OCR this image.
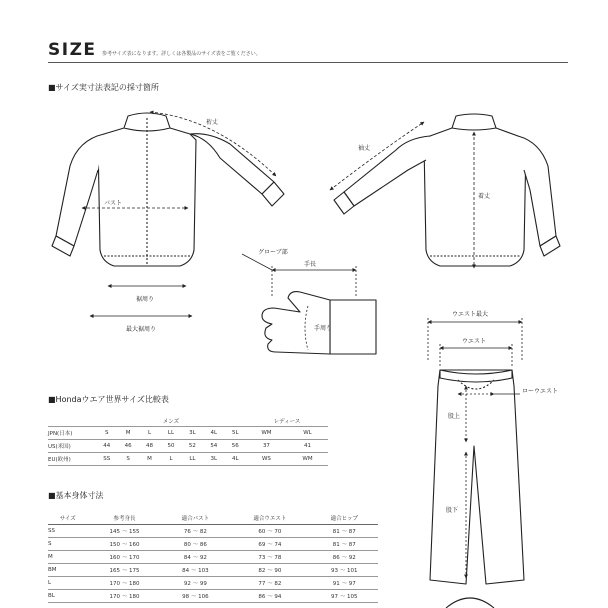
SIZE 参考サイズ表になります。詳しくは各製品のサイズ表をご覧ください。
■サイズ実寸法表記の採寸箇所
裄丈
バスト
裾周り
最大裾周り
袖丈
着丈
グローブ部
手長
手周り
ウエスト最大
ウエスト
ローウエスト
股上
股下
■Hondaウエア世界サイズ比較表
	メンズ							レディース	
JPN(日本)	S	M	L	LL	3L	4L	5L	WM	WL
US(米国)	44	46	48	50	52	54	56	37	41
EU(欧州)	SS	S	M	L	LL	3L	4L	WS	WM
■基本身体寸法
サイズ	参考身長	適合バスト	適合ウエスト	適合ヒップ
SS	145 〜 155	76 〜 82	60 〜 70	81 〜 87
S	150 〜 160	80 〜 86	69 〜 74	81 〜 87
M	160 〜 170	84 〜 92	73 〜 78	86 〜 92
BM	165 〜 175	84 〜 103	82 〜 90	93 〜 101
L	170 〜 180	92 〜 99	77 〜 82	91 〜 97
BL	170 〜 180	98 〜 106	86 〜 94	97 〜 105
